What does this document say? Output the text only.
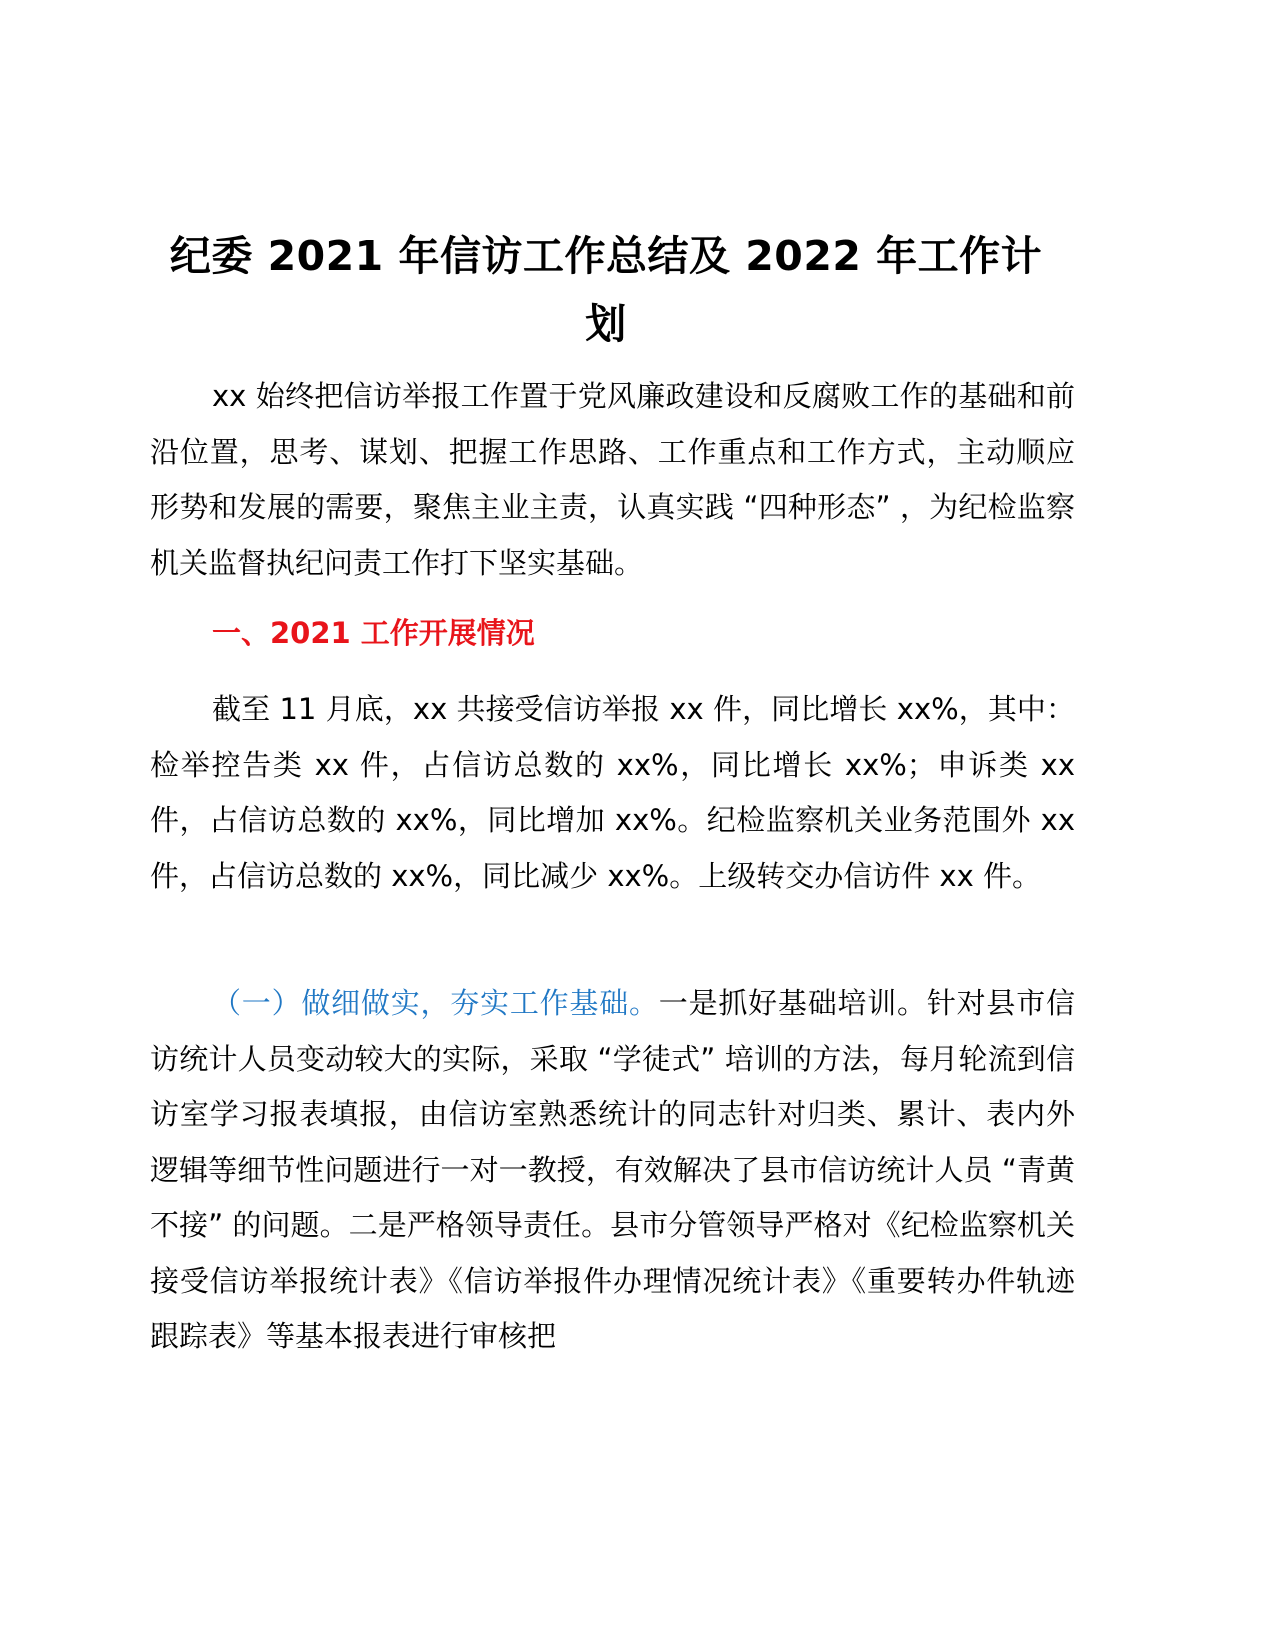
纪委 2021 年信访工作总结及 2022 年工作计划

xx 始终把信访举报工作置于党风廉政建设和反腐败工作的基础和前沿位置，思考、谋划、把握工作思路、工作重点和工作方式，主动顺应形势和发展的需要，聚焦主业主责，认真实践 “四种形态” ，为纪检监察机关监督执纪问责工作打下坚实基础。

一、2021 工作开展情况

截至 11 月底，xx 共接受信访举报 xx 件，同比增长 xx%，其中：检举控告类 xx 件，占信访总数的 xx%，同比增长 xx%；申诉类 xx 件，占信访总数的 xx%，同比增加 xx%。纪检监察机关业务范围外 xx 件，占信访总数的 xx%，同比减少 xx%。上级转交办信访件 xx 件。

（一）做细做实，夯实工作基础。一是抓好基础培训。针对县市信访统计人员变动较大的实际，采取 “学徒式” 培训的方法，每月轮流到信访室学习报表填报，由信访室熟悉统计的同志针对归类、累计、表内外逻辑等细节性问题进行一对一教授，有效解决了县市信访统计人员 “青黄不接” 的问题。二是严格领导责任。县市分管领导严格对《纪检监察机关接受信访举报统计表》《信访举报件办理情况统计表》《重要转办件轨迹跟踪表》等基本报表进行审核把
